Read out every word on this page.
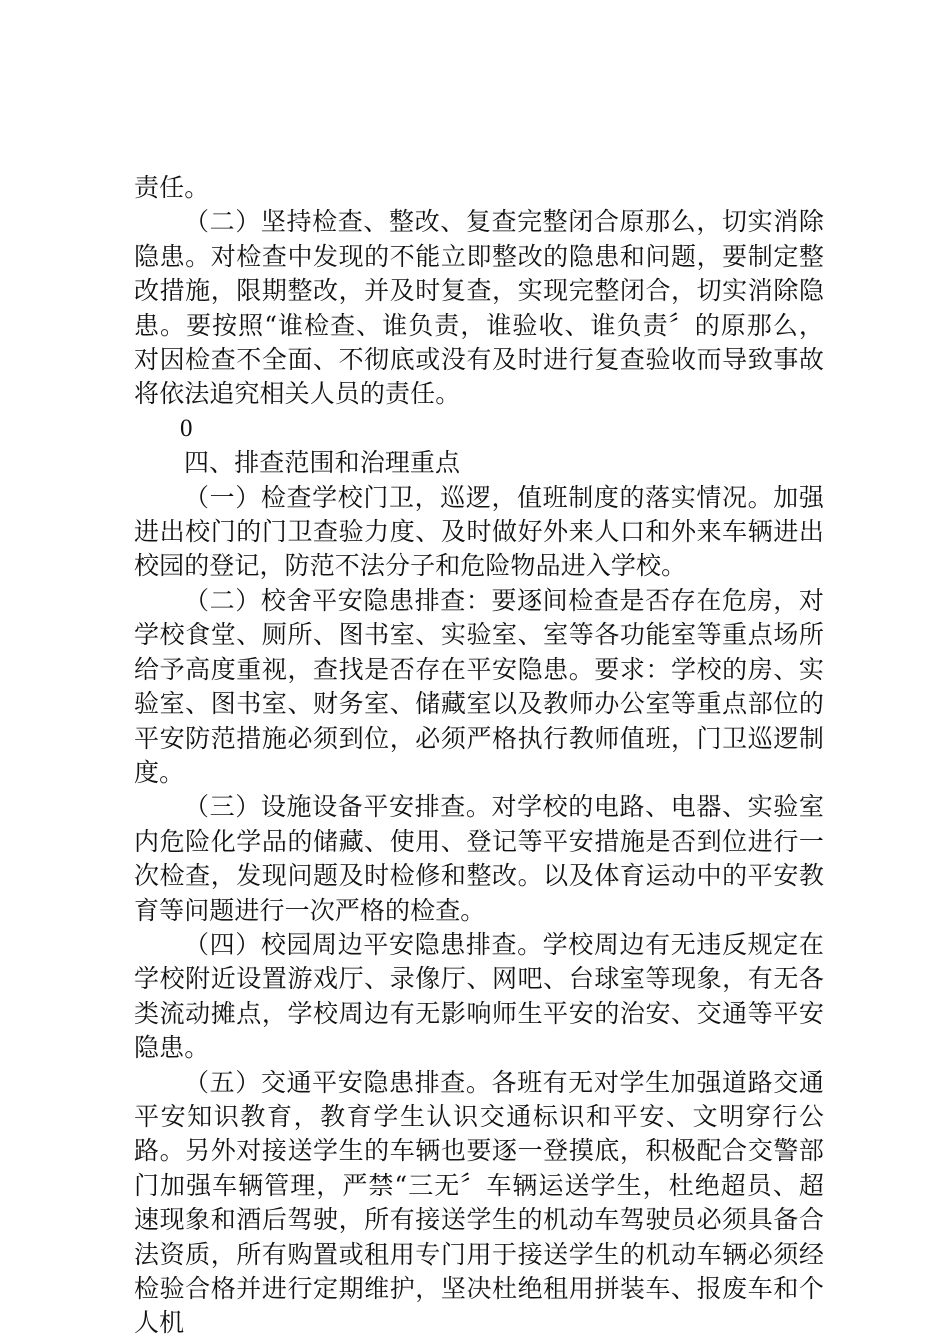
责任。

（二）坚持检查、整改、复查完整闭合原那么，切实消除隐患。对检查中发现的不能立即整改的隐患和问题，要制定整改措施，限期整改，并及时复查，实现完整闭合，切实消除隐患。要按照“谁检查、谁负责，谁验收、谁负责〞的原那么，对因检查不全面、不彻底或没有及时进行复查验收而导致事故将依法追究相关人员的责任。

0

四、排查范围和治理重点

（一）检查学校门卫，巡逻，值班制度的落实情况。加强进出校门的门卫查验力度、及时做好外来人口和外来车辆进出校园的登记，防范不法分子和危险物品进入学校。

（二）校舍平安隐患排查：要逐间检查是否存在危房，对学校食堂、厕所、图书室、实验室、室等各功能室等重点场所给予高度重视，查找是否存在平安隐患。要求：学校的房、实验室、图书室、财务室、储藏室以及教师办公室等重点部位的平安防范措施必须到位，必须严格执行教师值班，门卫巡逻制度。

（三）设施设备平安排查。对学校的电路、电器、实验室内危险化学品的储藏、使用、登记等平安措施是否到位进行一次检查，发现问题及时检修和整改。以及体育运动中的平安教育等问题进行一次严格的检查。

（四）校园周边平安隐患排查。学校周边有无违反规定在学校附近设置游戏厅、录像厅、网吧、台球室等现象，有无各类流动摊点，学校周边有无影响师生平安的治安、交通等平安隐患。

（五）交通平安隐患排查。各班有无对学生加强道路交通平安知识教育，教育学生认识交通标识和平安、文明穿行公路。另外对接送学生的车辆也要逐一登摸底，积极配合交警部门加强车辆管理，严禁“三无〞车辆运送学生，杜绝超员、超速现象和酒后驾驶，所有接送学生的机动车驾驶员必须具备合法资质，所有购置或租用专门用于接送学生的机动车辆必须经检验合格并进行定期维护，坚决杜绝租用拼装车、报废车和个人机
